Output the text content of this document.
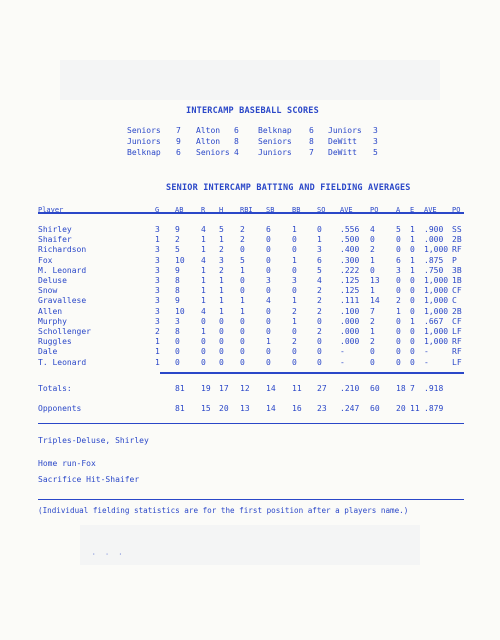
INTERCAMP BASEBALL SCORES
Seniors 7 Alton 6 Belknap 6 Juniors 3
Juniors 9 Alton 8 Seniors 8 DeWitt 3
Belknap 6 Seniors 4 Juniors 7 DeWitt 5
SENIOR INTERCAMP BATTING AND FIELDING AVERAGES
Player	G AB	R H RBI SB	BB SO AVE PO	A E AVE PO
Shirley	3 9	4 5 2	6	1	0 .556 4	5 1 .900 SS
Shaifer	1 2	1 1 2	0	0	1 .500 0	0 1 .000 2B
Richardson	3 5	1 2 0	0	0	3 .400 2	0 0 1,000 RF
Fox	3 10 4 3 5	0	1	6 .300 1	6 1 .875 P
M. Leonard	3 9	1 2 1	0	0	5 .222 0	3 1 .750 3B
Deluse	3 8	1 1 0	3	3	4 .125 13 0 0 1,000 1B
Snow	3 8	1 1 0	0	0	2 .125 1	0 0 1,000 CF
Gravallese	3 9	1 1 1	4	1	2 .111 14 2 0 1,000 C
Allen	3 10 4 1 1	0	2	2 .100 7	1 0 1,000 2B
Murphy	3 3	0 0 0	0	1	0 .000 2	0 1 .667 CF
Schollenger	2 8	1 0 0	0	0	2 .000 1	0 0 1,000 LF
Ruggles	1 0	0 0 0	1	2	0 .000 2	0 0 1,000 RF
Dale	1 0	0 0 0	0	0	0 -	0	0 0 -	RF
T. Leonard	1 0	0 0 0	0	0	0 -	0	0 0 -	LF
Totals:	81 19 17 12 14 11 27 .210 60 18 7 .918
Opponents	81 15 20 13 14 16 23 .247 60 20 11 .879
Triples-Deluse, Shirley
Home run-Fox
Sacrifice Hit-Shaifer
(Individual fielding statistics are for the first position after a players name.)
· · ·
